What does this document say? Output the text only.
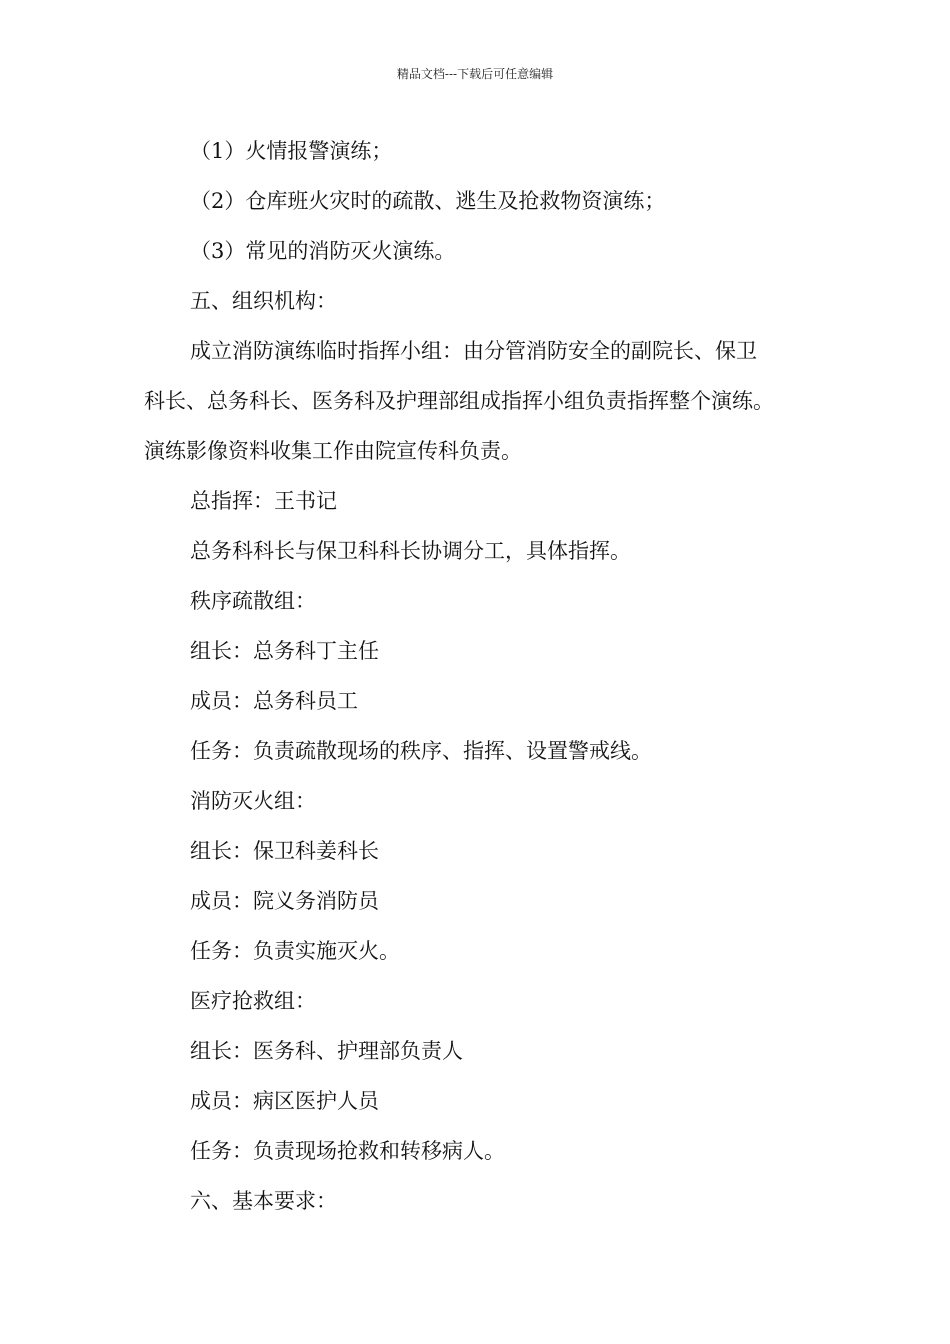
精品文档---下载后可任意编辑
（1）火情报警演练；
（2）仓库班火灾时的疏散、逃生及抢救物资演练；
（3）常见的消防灭火演练。
五、组织机构：
成立消防演练临时指挥小组：由分管消防安全的副院长、保卫
科长、总务科长、医务科及护理部组成指挥小组负责指挥整个演练。
演练影像资料收集工作由院宣传科负责。
总指挥：王书记
总务科科长与保卫科科长协调分工，具体指挥。
秩序疏散组：
组长：总务科丁主任
成员：总务科员工
任务：负责疏散现场的秩序、指挥、设置警戒线。
消防灭火组：
组长：保卫科姜科长
成员：院义务消防员
任务：负责实施灭火。
医疗抢救组：
组长：医务科、护理部负责人
成员：病区医护人员
任务：负责现场抢救和转移病人。
六、基本要求：
